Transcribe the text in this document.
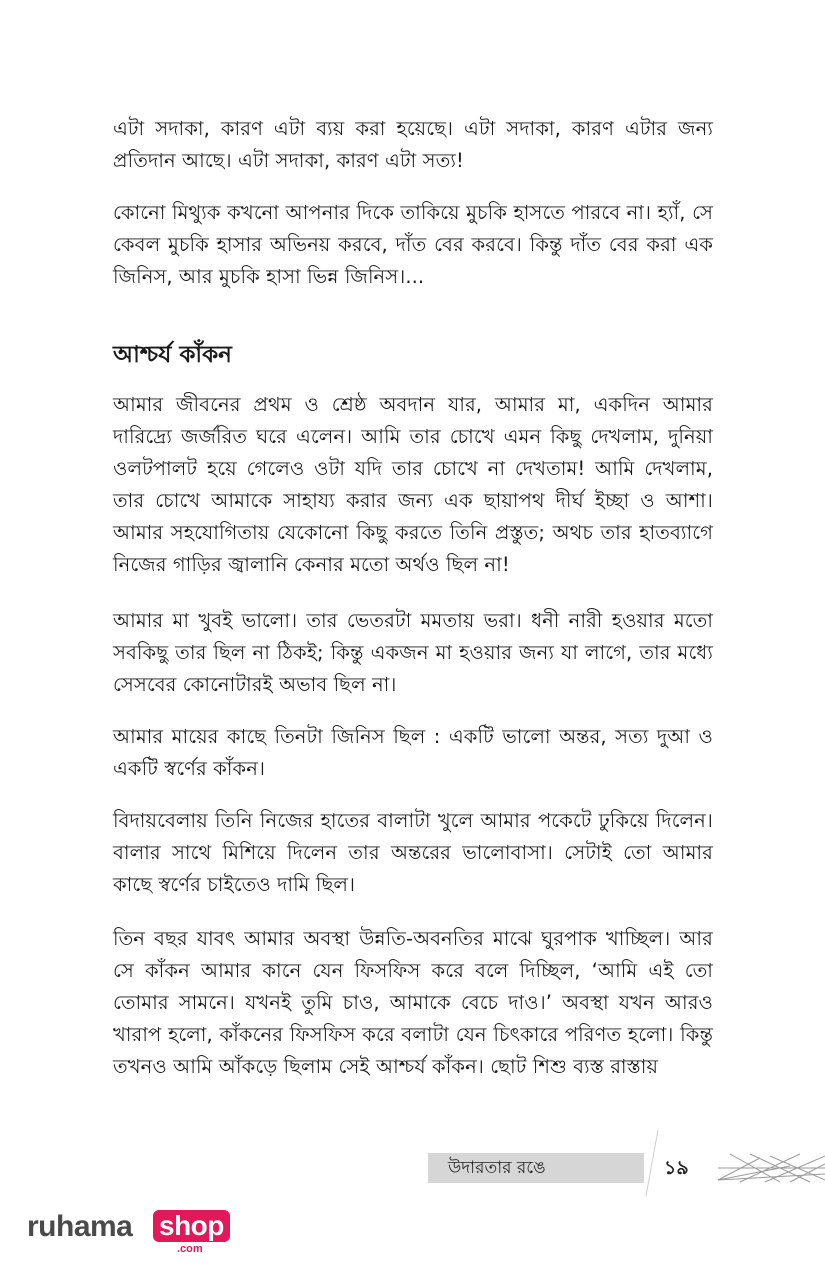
এটা সদাকা, কারণ এটা ব্যয় করা হয়েছে। এটা সদাকা, কারণ এটার জন্য প্রতিদান আছে। এটা সদাকা, কারণ এটা সত্য!

কোনো মিথ্যুক কখনো আপনার দিকে তাকিয়ে মুচকি হাসতে পারবে না। হ্যাঁ, সে কেবল মুচকি হাসার অভিনয় করবে, দাঁত বের করবে। কিন্তু দাঁত বের করা এক জিনিস, আর মুচকি হাসা ভিন্ন জিনিস।...

আশ্চর্য কাঁকন

আমার জীবনের প্রথম ও শ্রেষ্ঠ অবদান যার, আমার মা, একদিন আমার দারিদ্র্যে জর্জরিত ঘরে এলেন। আমি তার চোখে এমন কিছু দেখলাম, দুনিয়া ওলটপালট হয়ে গেলেও ওটা যদি তার চোখে না দেখতাম! আমি দেখলাম, তার চোখে আমাকে সাহায্য করার জন্য এক ছায়াপথ দীর্ঘ ইচ্ছা ও আশা। আমার সহযোগিতায় যেকোনো কিছু করতে তিনি প্রস্তুত; অথচ তার হাতব্যাগে নিজের গাড়ির জ্বালানি কেনার মতো অর্থও ছিল না!

আমার মা খুবই ভালো। তার ভেতরটা মমতায় ভরা। ধনী নারী হওয়ার মতো সবকিছু তার ছিল না ঠিকই; কিন্তু একজন মা হওয়ার জন্য যা লাগে, তার মধ্যে সেসবের কোনোটারই অভাব ছিল না।

আমার মায়ের কাছে তিনটা জিনিস ছিল : একটি ভালো অন্তর, সত্য দুআ ও একটি স্বর্ণের কাঁকন।

বিদায়বেলায় তিনি নিজের হাতের বালাটা খুলে আমার পকেটে ঢুকিয়ে দিলেন। বালার সাথে মিশিয়ে দিলেন তার অন্তরের ভালোবাসা। সেটাই তো আমার কাছে স্বর্ণের চাইতেও দামি ছিল।

তিন বছর যাবৎ আমার অবস্থা উন্নতি-অবনতির মাঝে ঘুরপাক খাচ্ছিল। আর সে কাঁকন আমার কানে যেন ফিসফিস করে বলে দিচ্ছিল, ‘আমি এই তো তোমার সামনে। যখনই তুমি চাও, আমাকে বেচে দাও।’ অবস্থা যখন আরও খারাপ হলো, কাঁকনের ফিসফিস করে বলাটা যেন চিৎকারে পরিণত হলো। কিন্তু তখনও আমি আঁকড়ে ছিলাম সেই আশ্চর্য কাঁকন। ছোট শিশু ব্যস্ত রাস্তায়

উদারতার রঙে	১৯
ruhama shop
.com
